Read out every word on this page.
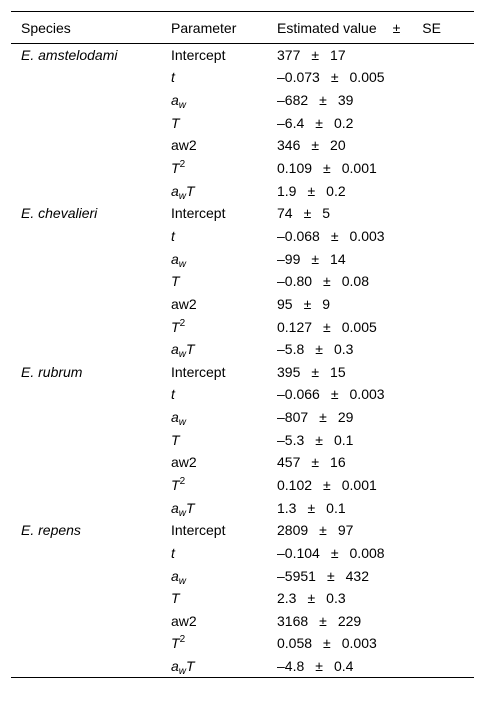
Species	Parameter	Estimated value ± SE
E. amstelodami	Intercept	377 ± 17
	t	–0.073 ± 0.005
	$a_w$	–682 ± 39
	T	–6.4 ± 0.2
	aw2	346 ± 20
	$T^2$	0.109 ± 0.001
	$a_wT$	1.9 ± 0.2
E. chevalieri	Intercept	74 ± 5
	t	–0.068 ± 0.003
	$a_w$	–99 ± 14
	T	–0.80 ± 0.08
	aw2	95 ± 9
	$T^2$	0.127 ± 0.005
	$a_wT$	–5.8 ± 0.3
E. rubrum	Intercept	395 ± 15
	t	–0.066 ± 0.003
	$a_w$	–807 ± 29
	T	–5.3 ± 0.1
	aw2	457 ± 16
	$T^2$	0.102 ± 0.001
	$a_wT$	1.3 ± 0.1
E. repens	Intercept	2809 ± 97
	t	–0.104 ± 0.008
	$a_w$	–5951 ± 432
	T	2.3 ± 0.3
	aw2	3168 ± 229
	$T^2$	0.058 ± 0.003
	$a_wT$	–4.8 ± 0.4
